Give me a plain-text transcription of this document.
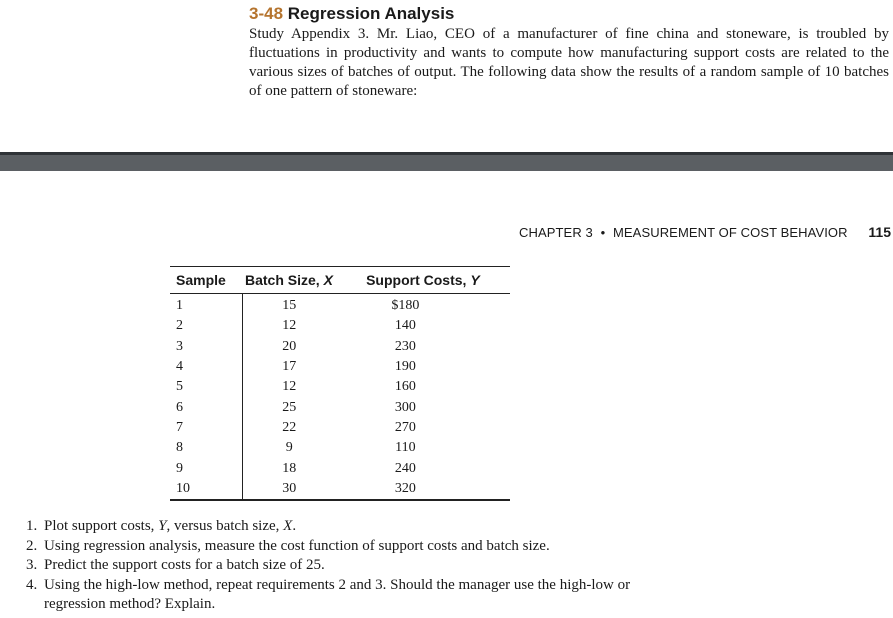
3-48 Regression Analysis

Study Appendix 3. Mr. Liao, CEO of a manufacturer of fine china and stoneware, is troubled by fluctuations in productivity and wants to compute how manufacturing support costs are related to the various sizes of batches of output. The following data show the results of a random sample of 10 batches of one pattern of stoneware:

CHAPTER 3 • MEASUREMENT OF COST BEHAVIOR 115
Sample	Batch Size, X	Support Costs, Y
1	15	$180
2	12	140
3	20	230
4	17	190
5	12	160
6	25	300
7	22	270
8	9	110
9	18	240
10	30	320
1. Plot support costs, Y, versus batch size, X.
2. Using regression analysis, measure the cost function of support costs and batch size.
3. Predict the support costs for a batch size of 25.
4. Using the high-low method, repeat requirements 2 and 3. Should the manager use the high-low or regression method? Explain.
